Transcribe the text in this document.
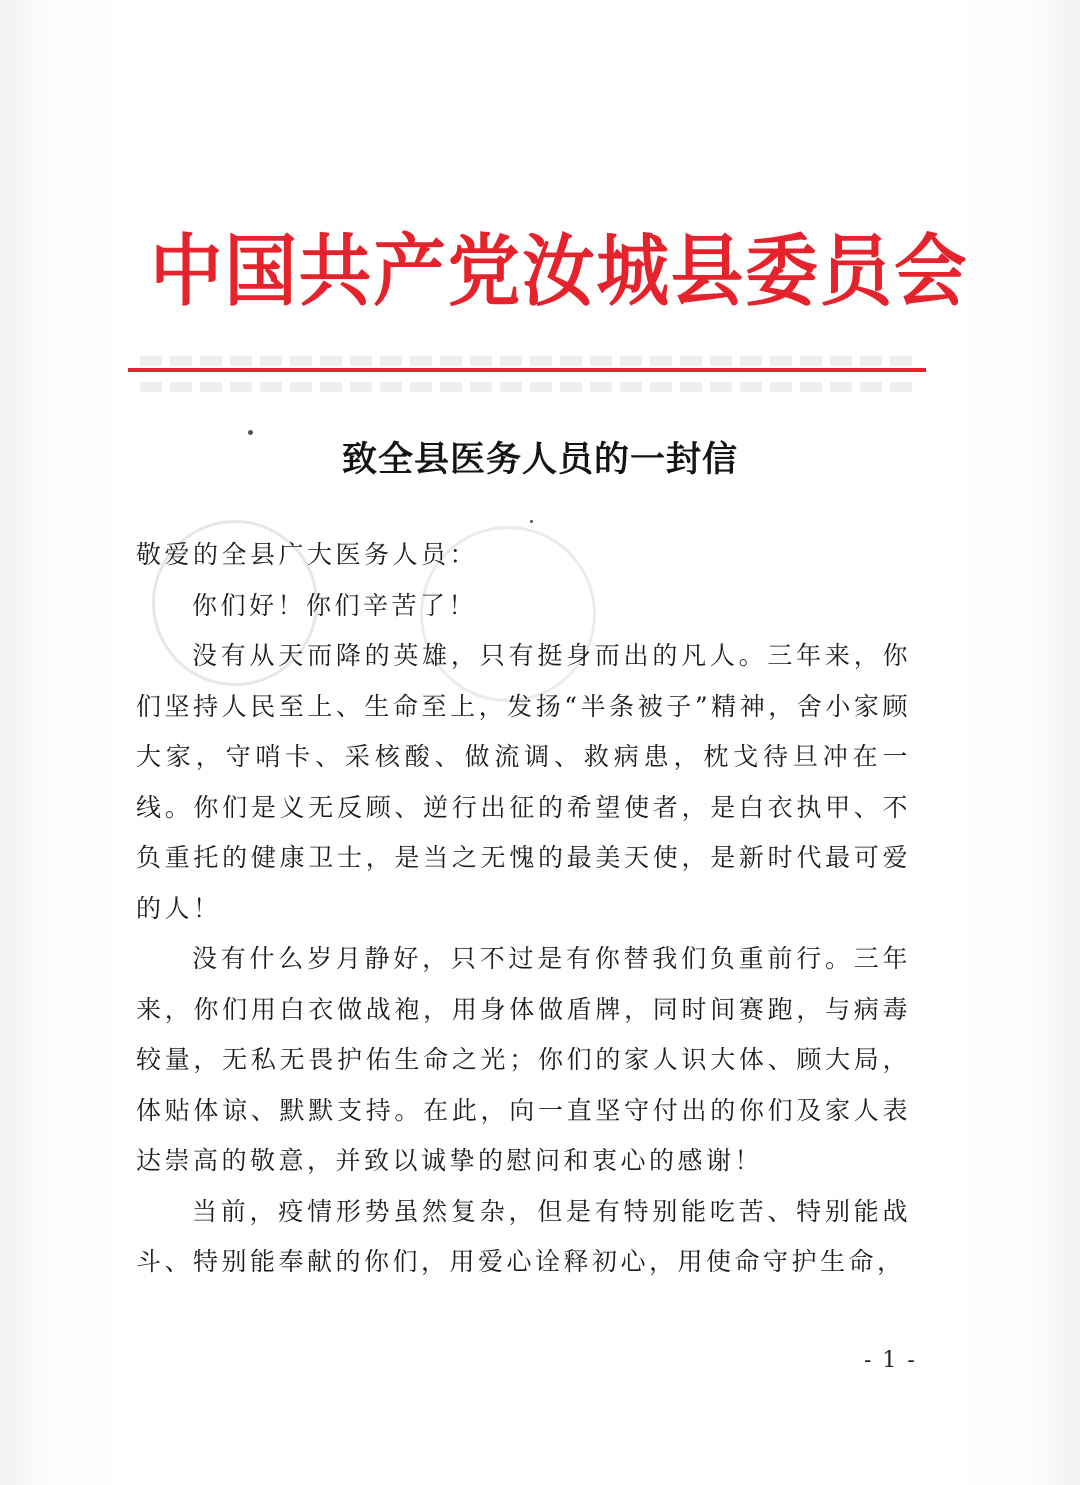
中国共产党汝城县委员会
致全县医务人员的一封信

敬爱的全县广大医务人员：

你们好！你们辛苦了！

没有从天而降的英雄，只有挺身而出的凡人。三年来，你们坚持人民至上、生命至上，发扬“半条被子”精神，舍小家顾大家，守哨卡、采核酸、做流调、救病患，枕戈待旦冲在一线。你们是义无反顾、逆行出征的希望使者，是白衣执甲、不负重托的健康卫士，是当之无愧的最美天使，是新时代最可爱的人！

没有什么岁月静好，只不过是有你替我们负重前行。三年来，你们用白衣做战袍，用身体做盾牌，同时间赛跑，与病毒较量，无私无畏护佑生命之光；你们的家人识大体、顾大局，体贴体谅、默默支持。在此，向一直坚守付出的你们及家人表达崇高的敬意，并致以诚挚的慰问和衷心的感谢！

当前，疫情形势虽然复杂，但是有特别能吃苦、特别能战斗、特别能奉献的你们，用爱心诠释初心，用使命守护生命，

- 1 -
